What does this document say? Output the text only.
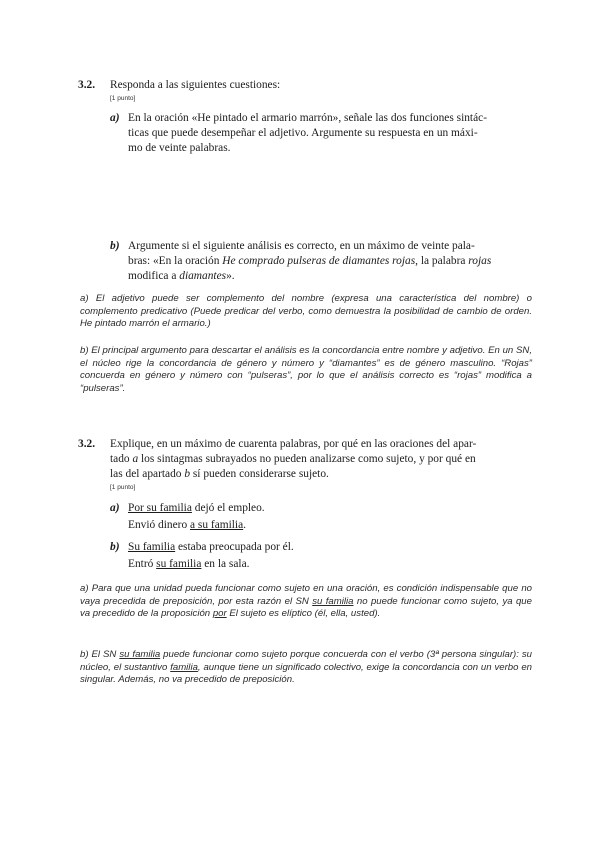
3.2. Responda a las siguientes cuestiones:
[1 punto]
a) En la oración «He pintado el armario marrón», señale las dos funciones sintác-
ticas que puede desempeñar el adjetivo. Argumente su respuesta en un máxi-
mo de veinte palabras.
b) Argumente si el siguiente análisis es correcto, en un máximo de veinte pala-
bras: «En la oración He comprado pulseras de diamantes rojas, la palabra rojas
modifica a diamantes».
a) El adjetivo puede ser complemento del nombre (expresa una característica del nombre) o complemento predicativo (Puede predicar del verbo, como demuestra la posibilidad de cambio de orden. He pintado marrón el armario.)
b) El principal argumento para descartar el análisis es la concordancia entre nombre y adjetivo. En un SN, el núcleo rige la concordancia de género y número y “diamantes” es de género masculino. “Rojas” concuerda en género y número con “pulseras”, por lo que el análisis correcto es “rojas” modifica a “pulseras”.
3.2. Explique, en un máximo de cuarenta palabras, por qué en las oraciones del apar-
tado a los sintagmas subrayados no pueden analizarse como sujeto, y por qué en
las del apartado b sí pueden considerarse sujeto.
[1 punto]
a) Por su familia dejó el empleo.
Envió dinero a su familia.
b) Su familia estaba preocupada por él.
Entró su familia en la sala.
a) Para que una unidad pueda funcionar como sujeto en una oración, es condición indispensable que no vaya precedida de preposición, por esta razón el SN su familia no puede funcionar como sujeto, ya que va precedido de la proposición por El sujeto es elíptico (él, ella, usted).
b) El SN su familia puede funcionar como sujeto porque concuerda con el verbo (3ª persona singular): su núcleo, el sustantivo familia, aunque tiene un significado colectivo, exige la concordancia con un verbo en singular. Además, no va precedido de preposición.
